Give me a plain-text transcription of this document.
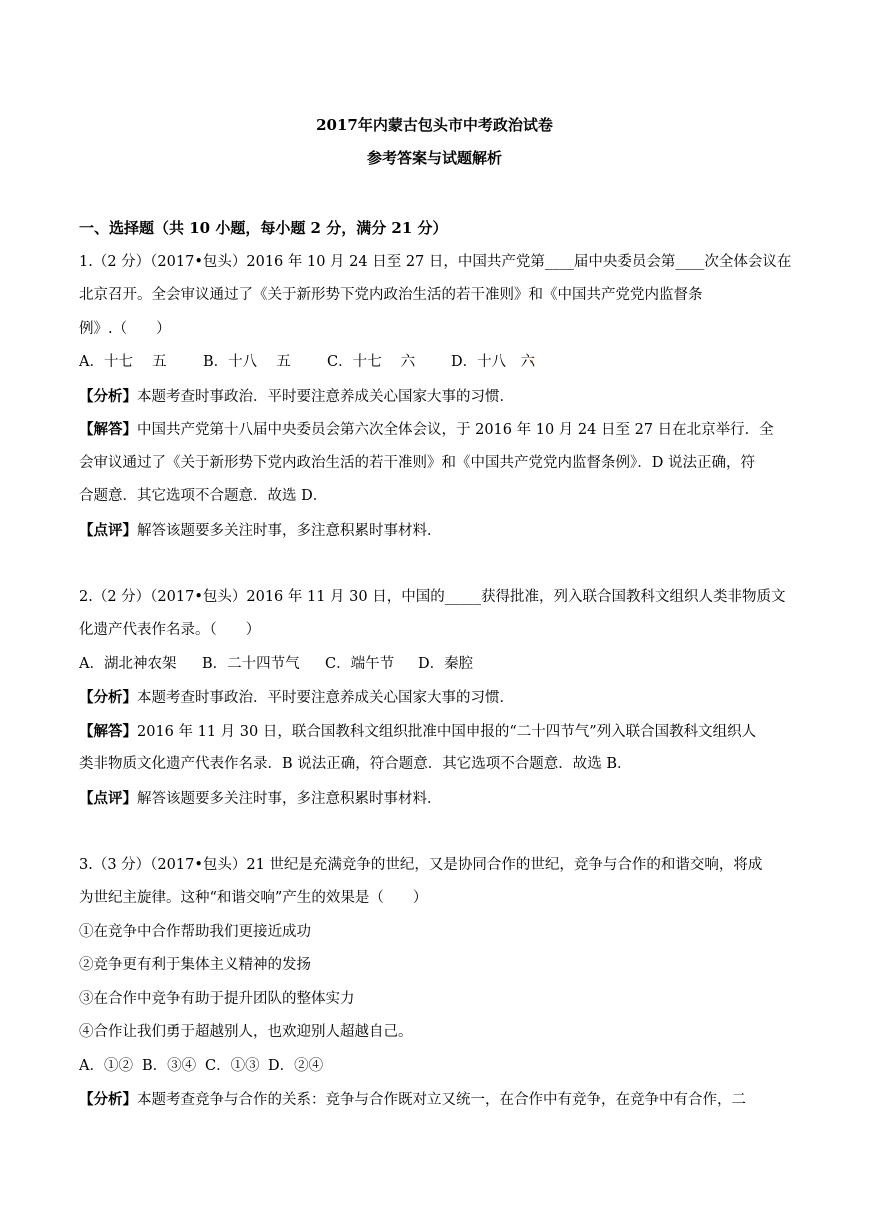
2017年内蒙古包头市中考政治试卷
参考答案与试题解析
一、选择题（共 10 小题，每小题 2 分，满分 21 分）
1.（2 分）（2017•包头）2016 年 10 月 24 日至 27 日，中国共产党第____届中央委员会第____次全体会议在
北京召开。全会审议通过了《关于新形势下党内政治生活的若干准则》和《中国共产党党内监督条
例》.（　　）
A．十七　 五	B．十八　 五 C．十七　 六 D．十八　六
【分析】本题考查时事政治．平时要注意养成关心国家大事的习惯．
【解答】中国共产党第十八届中央委员会第六次全体会议，于 2016 年 10 月 24 日至 27 日在北京举行．全
会审议通过了《关于新形势下党内政治生活的若干准则》和《中国共产党党内监督条例》．D 说法正确，符
合题意．其它选项不合题意．故选 D．
【点评】解答该题要多关注时事，多注意积累时事材料．
2.（2 分）（2017•包头）2016 年 11 月 30 日，中国的_____获得批准，列入联合国教科文组织人类非物质文
化遗产代表作名录。（　　）
A．湖北神农架 B．二十四节气 C．端午节 D．秦腔
【分析】本题考查时事政治．平时要注意养成关心国家大事的习惯．
【解答】2016 年 11 月 30 日，联合国教科文组织批准中国申报的“二十四节气”列入联合国教科文组织人
类非物质文化遗产代表作名录．B 说法正确，符合题意．其它选项不合题意．故选 B．
【点评】解答该题要多关注时事，多注意积累时事材料．
3.（3 分）（2017•包头）21 世纪是充满竞争的世纪，又是协同合作的世纪，竞争与合作的和谐交响，将成
为世纪主旋律。这种“和谐交响”产生的效果是（　　）
①在竞争中合作帮助我们更接近成功
②竞争更有利于集体主义精神的发扬
③在合作中竞争有助于提升团队的整体实力
④合作让我们勇于超越别人，也欢迎别人超越自己。
A．①② B．③④ C．①③ D．②④
【分析】本题考查竞争与合作的关系：竞争与合作既对立又统一，在合作中有竞争，在竞争中有合作，二
